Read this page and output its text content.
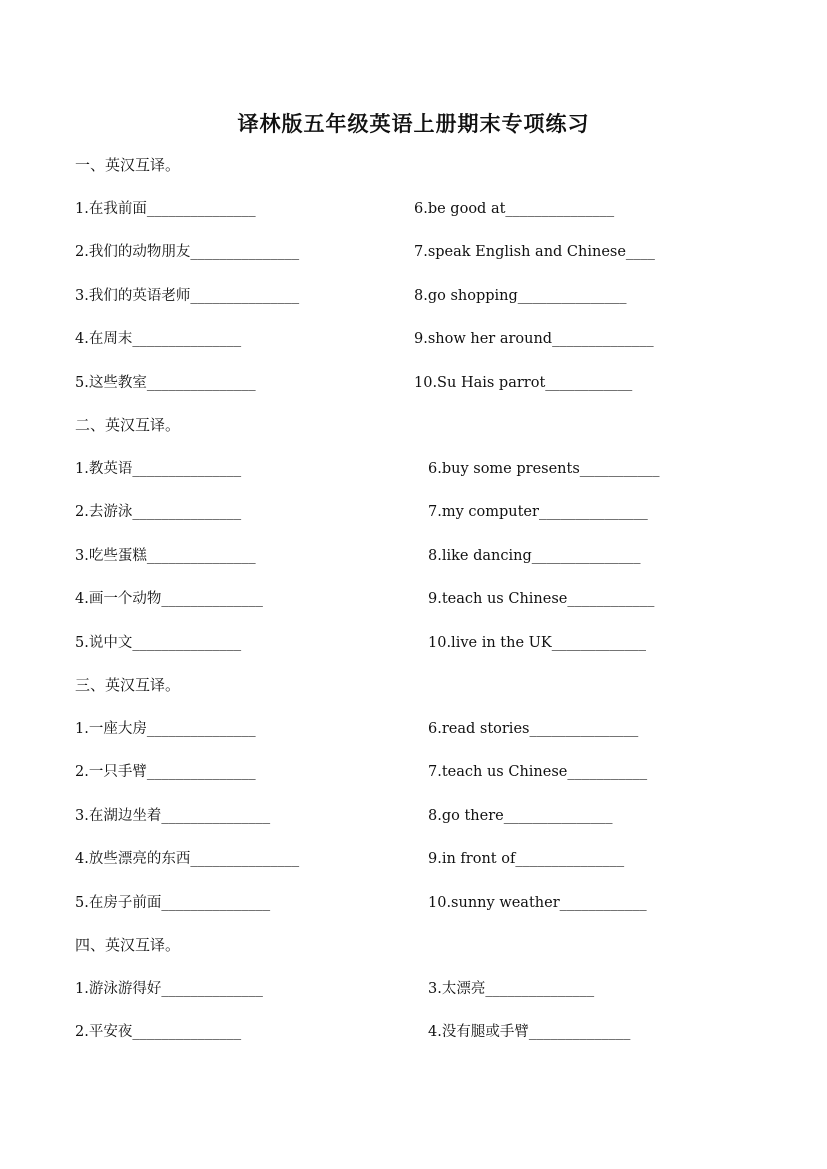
译林版五年级英语上册期末专项练习
一、英汉互译。
1.在我前面_______________	6.be good at_______________
2.我们的动物朋友_______________	7.speak English and Chinese____
3.我们的英语老师_______________	8.go shopping_______________
4.在周末_______________	9.show her around______________
5.这些教室_______________	10.Su Hais parrot____________
二、英汉互译。
1.教英语_______________	6.buy some presents___________
2.去游泳_______________	7.my computer_______________
3.吃些蛋糕_______________	8.like dancing_______________
4.画一个动物______________	9.teach us Chinese____________
5.说中文_______________	10.live in the UK_____________
三、英汉互译。
1.一座大房_______________	6.read stories_______________
2.一只手臂_______________	7.teach us Chinese___________
3.在湖边坐着_______________	8.go there_______________
4.放些漂亮的东西_______________	9.in front of_______________
5.在房子前面_______________	10.sunny weather____________
四、英汉互译。
1.游泳游得好______________	3.太漂亮_______________
2.平安夜_______________	4.没有腿或手臂______________
